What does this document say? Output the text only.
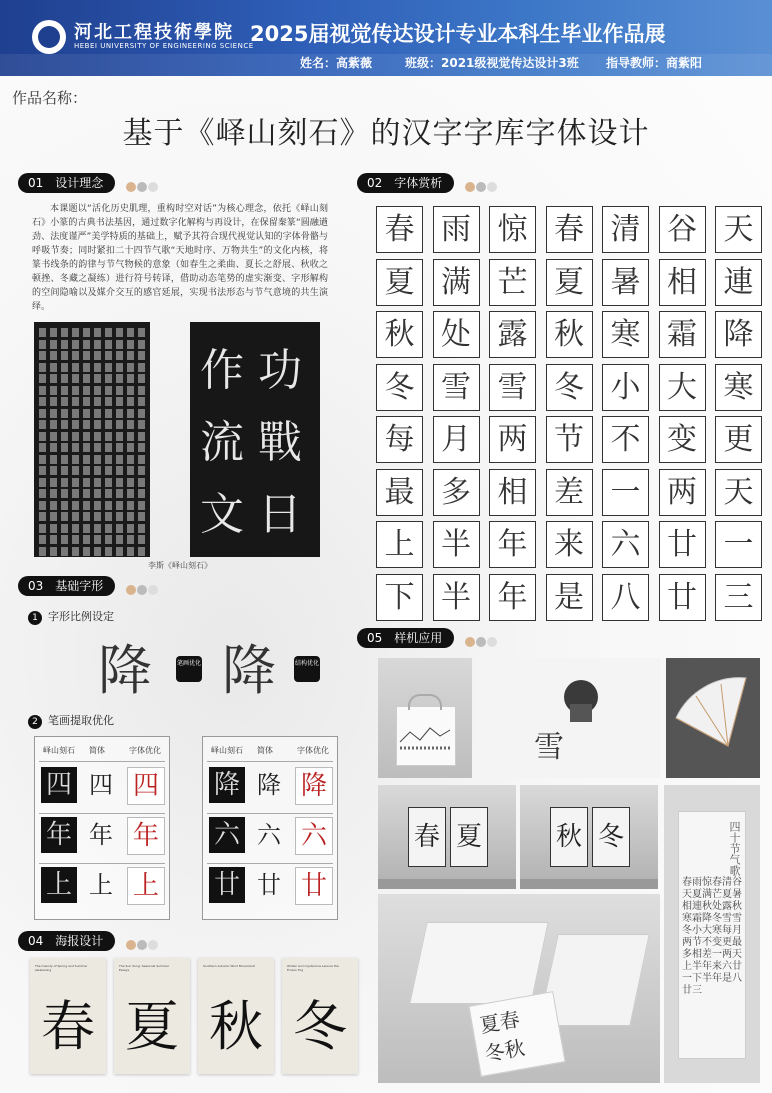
河北工程技術學院
HEBEI UNIVERSITY OF ENGINEERING SCIENCE
2025届视觉传达设计专业本科生毕业作品展
姓名：高紫薇	班级：2021级视觉传达设计3班 指导教师：商紫阳
作品名称：
基于《峄山刻石》的汉字字库字体设计
01 设计理念
本课题以“活化历史肌理，重构时空对话”为核心理念，依托《峄山刻石》小篆的古典书法基因，通过数字化解构与再设计，在保留秦篆“圆融遒劲、法度谨严”美学特质的基础上，赋予其符合现代视觉认知的字体骨骼与呼吸节奏；同时紧扣二十四节气歌“天地时序、万物共生”的文化内核，将篆书线条的韵律与节气物候的意象（如春生之柔曲、夏长之舒展、秋收之顿挫、冬藏之凝练）进行符号转译，借助动态笔势的虚实渐变、字形解构的空间隐喻以及媒介交互的感官延展，实现书法形态与节气意境的共生演绎。
功
戰
日
作
流
文
李斯《峄山刻石》
02 字体赏析
春 雨 惊 春 清 谷 天
夏 满 芒 夏 暑 相 連
秋 处 露 秋 寒 霜 降
冬 雪 雪 冬 小 大 寒
每 月 两 节 不 变 更
最 多 相 差 一 两 天
上 半 年 来 六 廿 一
下 半 年 是 八 廿 三
03 基础字形
1 字形比例设定
降	笔画优化 降	结构优化
2 笔画提取优化
峄山刻石 简体	字体优化
四 四 四
年 年 年
上 上 上
峄山刻石 简体	字体优化
降 降 降
六 六 六
廿 廿 廿
04 海报设计
The melody of Spring and Summer Awakening
春
The Sun Song: Seasonal Summer Essays
夏
Southern Autumn Wind Movement
秋
Winter and mysterious Leisure the Frozen Fog
冬
05 样机应用
雪
春 夏	秋 冬	四十节气歌
春雨惊春清谷天夏满芒夏暑相連秋处露秋寒霜降冬雪雪冬小大寒每月两节不变更最多相差一两天上半年来六廿一下半年是八廿三
夏春
冬秋
